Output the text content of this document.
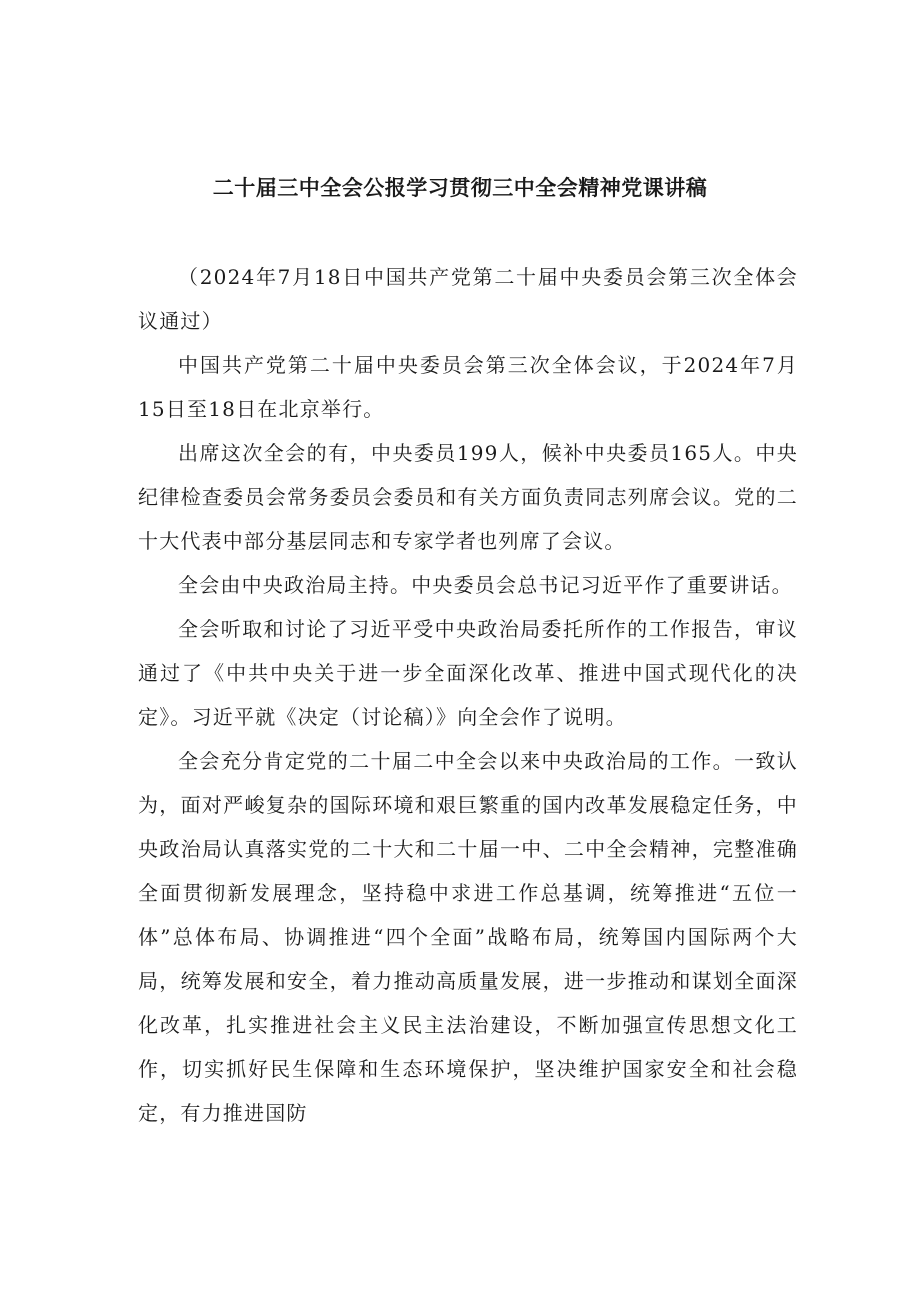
二十届三中全会公报学习贯彻三中全会精神党课讲稿

（2024年7月18日中国共产党第二十届中央委员会第三次全体会议通过）

中国共产党第二十届中央委员会第三次全体会议，于2024年7月15日至18日在北京举行。

出席这次全会的有，中央委员199人，候补中央委员165人。中央纪律检查委员会常务委员会委员和有关方面负责同志列席会议。党的二十大代表中部分基层同志和专家学者也列席了会议。

全会由中央政治局主持。中央委员会总书记习近平作了重要讲话。

全会听取和讨论了习近平受中央政治局委托所作的工作报告，审议通过了《中共中央关于进一步全面深化改革、推进中国式现代化的决定》。习近平就《决定（讨论稿）》向全会作了说明。

全会充分肯定党的二十届二中全会以来中央政治局的工作。一致认为，面对严峻复杂的国际环境和艰巨繁重的国内改革发展稳定任务，中央政治局认真落实党的二十大和二十届一中、二中全会精神，完整准确全面贯彻新发展理念，坚持稳中求进工作总基调，统筹推进“五位一体”总体布局、协调推进“四个全面”战略布局，统筹国内国际两个大局，统筹发展和安全，着力推动高质量发展，进一步推动和谋划全面深化改革，扎实推进社会主义民主法治建设，不断加强宣传思想文化工作，切实抓好民生保障和生态环境保护，坚决维护国家安全和社会稳定，有力推进国防
